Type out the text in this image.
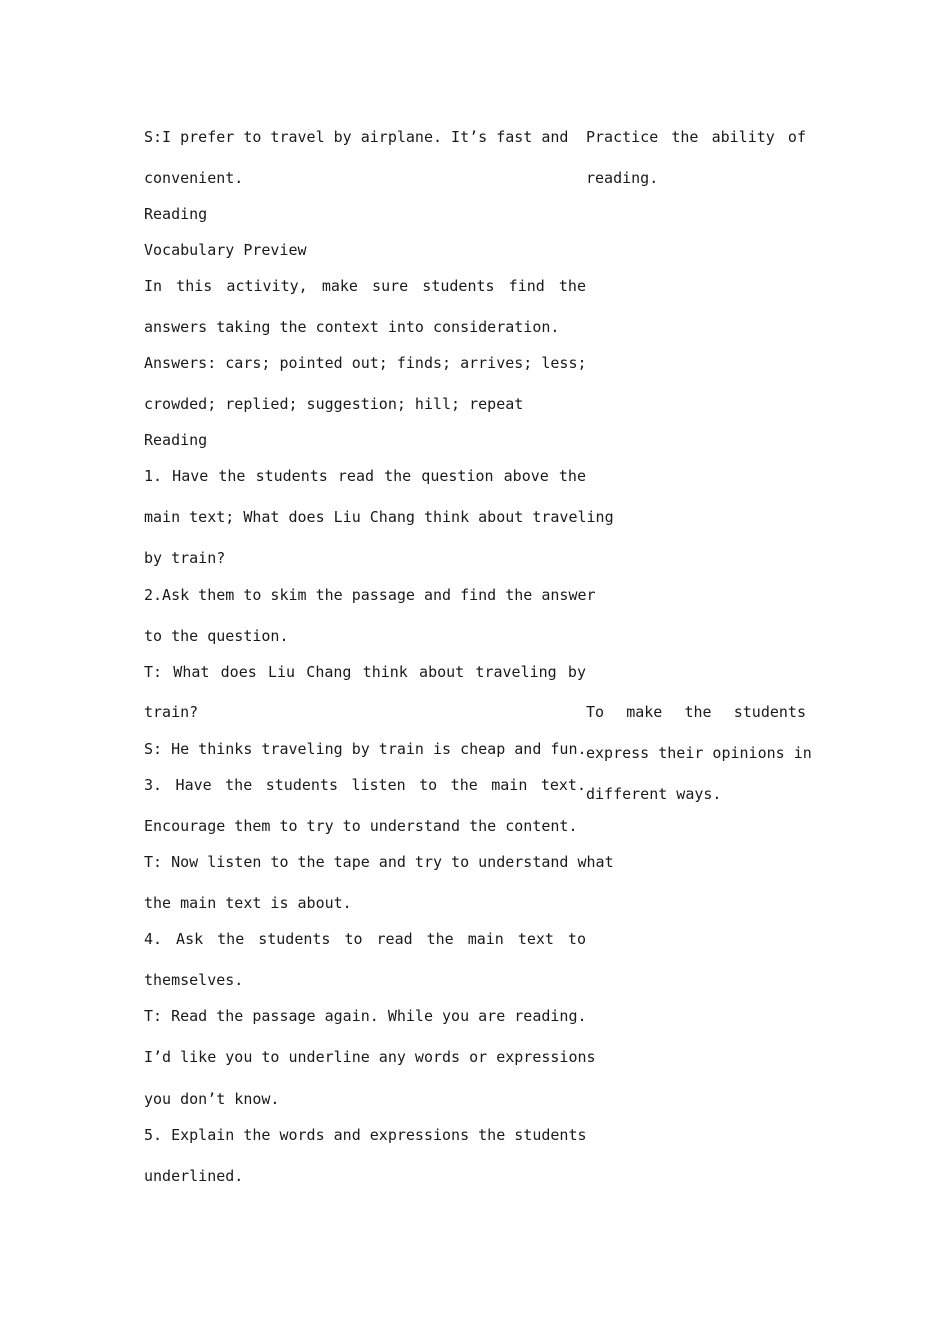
S:I prefer to travel by airplane. It’s fast and

convenient.

Reading

Vocabulary Preview

In this activity, make sure students find the

answers taking the context into consideration.

Answers: cars; pointed out; finds; arrives; less;

crowded; replied; suggestion; hill; repeat

Reading

1. Have the students read the question above the

main text; What does Liu Chang think about traveling

by train?

2.Ask them to skim the passage and find the answer

to the question.

T: What does Liu Chang think about traveling by

train?

S: He thinks traveling by train is cheap and fun.

3. Have the students listen to the main text.

Encourage them to try to understand the content.

T: Now listen to the tape and try to understand what

the main text is about.

4. Ask the students to read the main text to

themselves.

T: Read the passage again. While you are reading.

I’d like you to underline any words or expressions

you don’t know.

5. Explain the words and expressions the students

underlined.

Practice the ability of

reading.

To make the students

express their opinions in

different ways.
